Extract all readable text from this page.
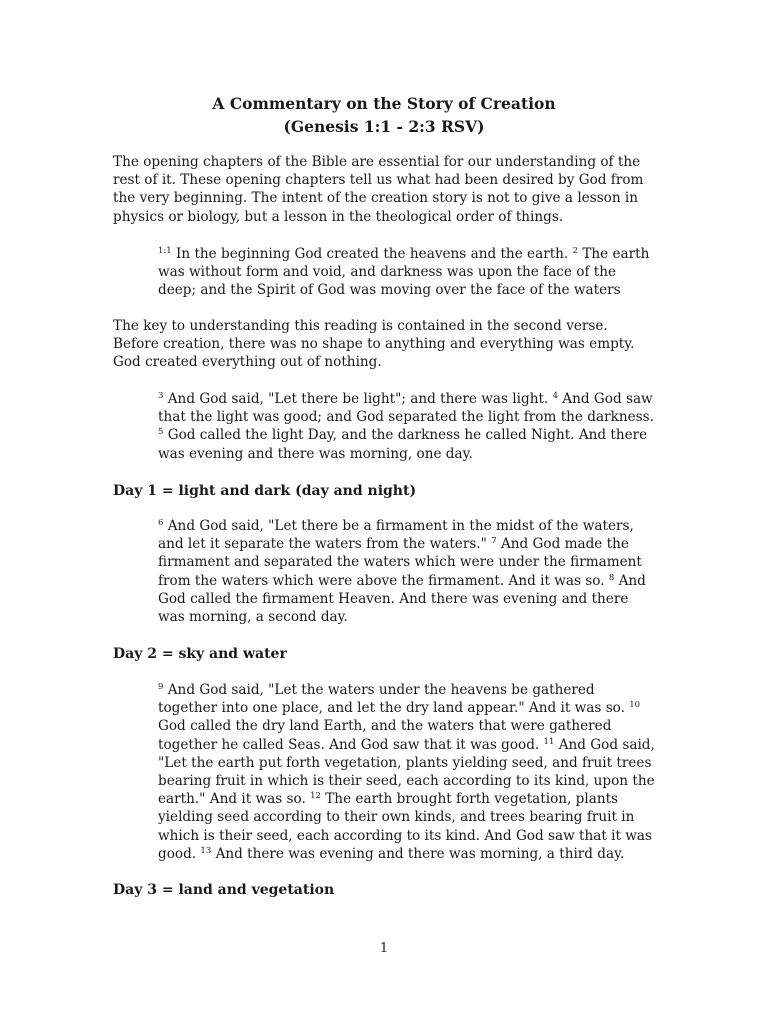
A Commentary on the Story of Creation

(Genesis 1:1 - 2:3 RSV)

The opening chapters of the Bible are essential for our understanding of the rest of it. These opening chapters tell us what had been desired by God from the very beginning. The intent of the creation story is not to give a lesson in physics or biology, but a lesson in the theological order of things.

$^{1:1}$ In the beginning God created the heavens and the earth. $^2$ The earth was without form and void, and darkness was upon the face of the deep; and the Spirit of God was moving over the face of the waters

The key to understanding this reading is contained in the second verse. Before creation, there was no shape to anything and everything was empty. God created everything out of nothing.

$^3$ And God said, "Let there be light"; and there was light. $^4$ And God saw that the light was good; and God separated the light from the darkness. $^5$ God called the light Day, and the darkness he called Night. And there was evening and there was morning, one day.

Day 1 = light and dark (day and night)

$^6$ And God said, "Let there be a firmament in the midst of the waters, and let it separate the waters from the waters." $^7$ And God made the firmament and separated the waters which were under the firmament from the waters which were above the firmament. And it was so. $^8$ And God called the firmament Heaven. And there was evening and there was morning, a second day.

Day 2 = sky and water

$^9$ And God said, "Let the waters under the heavens be gathered together into one place, and let the dry land appear." And it was so. $^{10}$ God called the dry land Earth, and the waters that were gathered together he called Seas. And God saw that it was good. $^{11}$ And God said, "Let the earth put forth vegetation, plants yielding seed, and fruit trees bearing fruit in which is their seed, each according to its kind, upon the earth." And it was so. $^{12}$ The earth brought forth vegetation, plants yielding seed according to their own kinds, and trees bearing fruit in which is their seed, each according to its kind. And God saw that it was good. $^{13}$ And there was evening and there was morning, a third day.

Day 3 = land and vegetation

1
